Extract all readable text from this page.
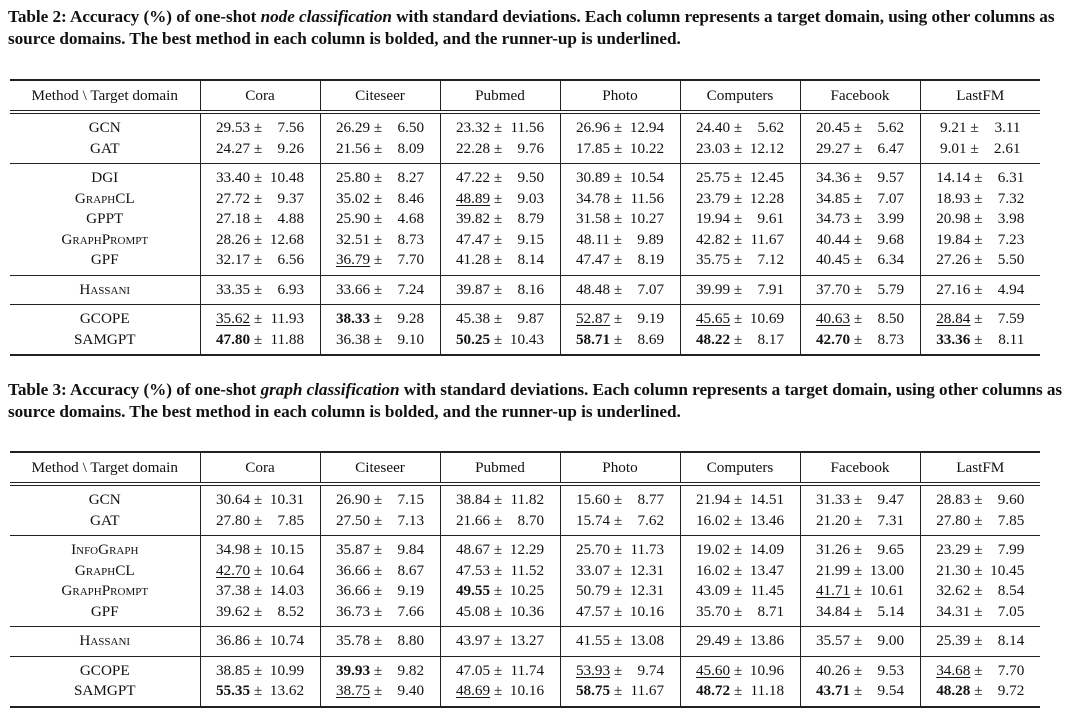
Table 2: Accuracy (%) of one-shot node classification with standard deviations. Each column represents a target domain, using other columns as source domains. The best method in each column is bolded, and the runner-up is underlined.
Method \ Target domain	Cora	Citeseer	Pubmed	Photo	Computers	Facebook	LastFM
GCN	29.53 ± 7.56	26.29 ± 6.50	23.32 ± 11.56	26.96 ± 12.94	24.40 ± 5.62	20.45 ± 5.62	9.21 ± 3.11
GAT	24.27 ± 9.26	21.56 ± 8.09	22.28 ± 9.76	17.85 ± 10.22	23.03 ± 12.12	29.27 ± 6.47	9.01 ± 2.61
DGI	33.40 ± 10.48	25.80 ± 8.27	47.22 ± 9.50	30.89 ± 10.54	25.75 ± 12.45	34.36 ± 9.57	14.14 ± 6.31
GraphCL	27.72 ± 9.37	35.02 ± 8.46	48.89 ± 9.03	34.78 ± 11.56	23.79 ± 12.28	34.85 ± 7.07	18.93 ± 7.32
GPPT	27.18 ± 4.88	25.90 ± 4.68	39.82 ± 8.79	31.58 ± 10.27	19.94 ± 9.61	34.73 ± 3.99	20.98 ± 3.98
GraphPrompt	28.26 ± 12.68	32.51 ± 8.73	47.47 ± 9.15	48.11 ± 9.89	42.82 ± 11.67	40.44 ± 9.68	19.84 ± 7.23
GPF	32.17 ± 6.56	36.79 ± 7.70	41.28 ± 8.14	47.47 ± 8.19	35.75 ± 7.12	40.45 ± 6.34	27.26 ± 5.50
Hassani	33.35 ± 6.93	33.66 ± 7.24	39.87 ± 8.16	48.48 ± 7.07	39.99 ± 7.91	37.70 ± 5.79	27.16 ± 4.94
GCOPE	35.62 ± 11.93	38.33 ± 9.28	45.38 ± 9.87	52.87 ± 9.19	45.65 ± 10.69	40.63 ± 8.50	28.84 ± 7.59
SAMGPT	47.80 ± 11.88	36.38 ± 9.10	50.25 ± 10.43	58.71 ± 8.69	48.22 ± 8.17	42.70 ± 8.73	33.36 ± 8.11
Table 3: Accuracy (%) of one-shot graph classification with standard deviations. Each column represents a target domain, using other columns as source domains. The best method in each column is bolded, and the runner-up is underlined.
Method \ Target domain	Cora	Citeseer	Pubmed	Photo	Computers	Facebook	LastFM
GCN	30.64 ± 10.31	26.90 ± 7.15	38.84 ± 11.82	15.60 ± 8.77	21.94 ± 14.51	31.33 ± 9.47	28.83 ± 9.60
GAT	27.80 ± 7.85	27.50 ± 7.13	21.66 ± 8.70	15.74 ± 7.62	16.02 ± 13.46	21.20 ± 7.31	27.80 ± 7.85
InfoGraph	34.98 ± 10.15	35.87 ± 9.84	48.67 ± 12.29	25.70 ± 11.73	19.02 ± 14.09	31.26 ± 9.65	23.29 ± 7.99
GraphCL	42.70 ± 10.64	36.66 ± 8.67	47.53 ± 11.52	33.07 ± 12.31	16.02 ± 13.47	21.99 ± 13.00	21.30 ± 10.45
GraphPrompt	37.38 ± 14.03	36.66 ± 9.19	49.55 ± 10.25	50.79 ± 12.31	43.09 ± 11.45	41.71 ± 10.61	32.62 ± 8.54
GPF	39.62 ± 8.52	36.73 ± 7.66	45.08 ± 10.36	47.57 ± 10.16	35.70 ± 8.71	34.84 ± 5.14	34.31 ± 7.05
Hassani	36.86 ± 10.74	35.78 ± 8.80	43.97 ± 13.27	41.55 ± 13.08	29.49 ± 13.86	35.57 ± 9.00	25.39 ± 8.14
GCOPE	38.85 ± 10.99	39.93 ± 9.82	47.05 ± 11.74	53.93 ± 9.74	45.60 ± 10.96	40.26 ± 9.53	34.68 ± 7.70
SAMGPT	55.35 ± 13.62	38.75 ± 9.40	48.69 ± 10.16	58.75 ± 11.67	48.72 ± 11.18	43.71 ± 9.54	48.28 ± 9.72
